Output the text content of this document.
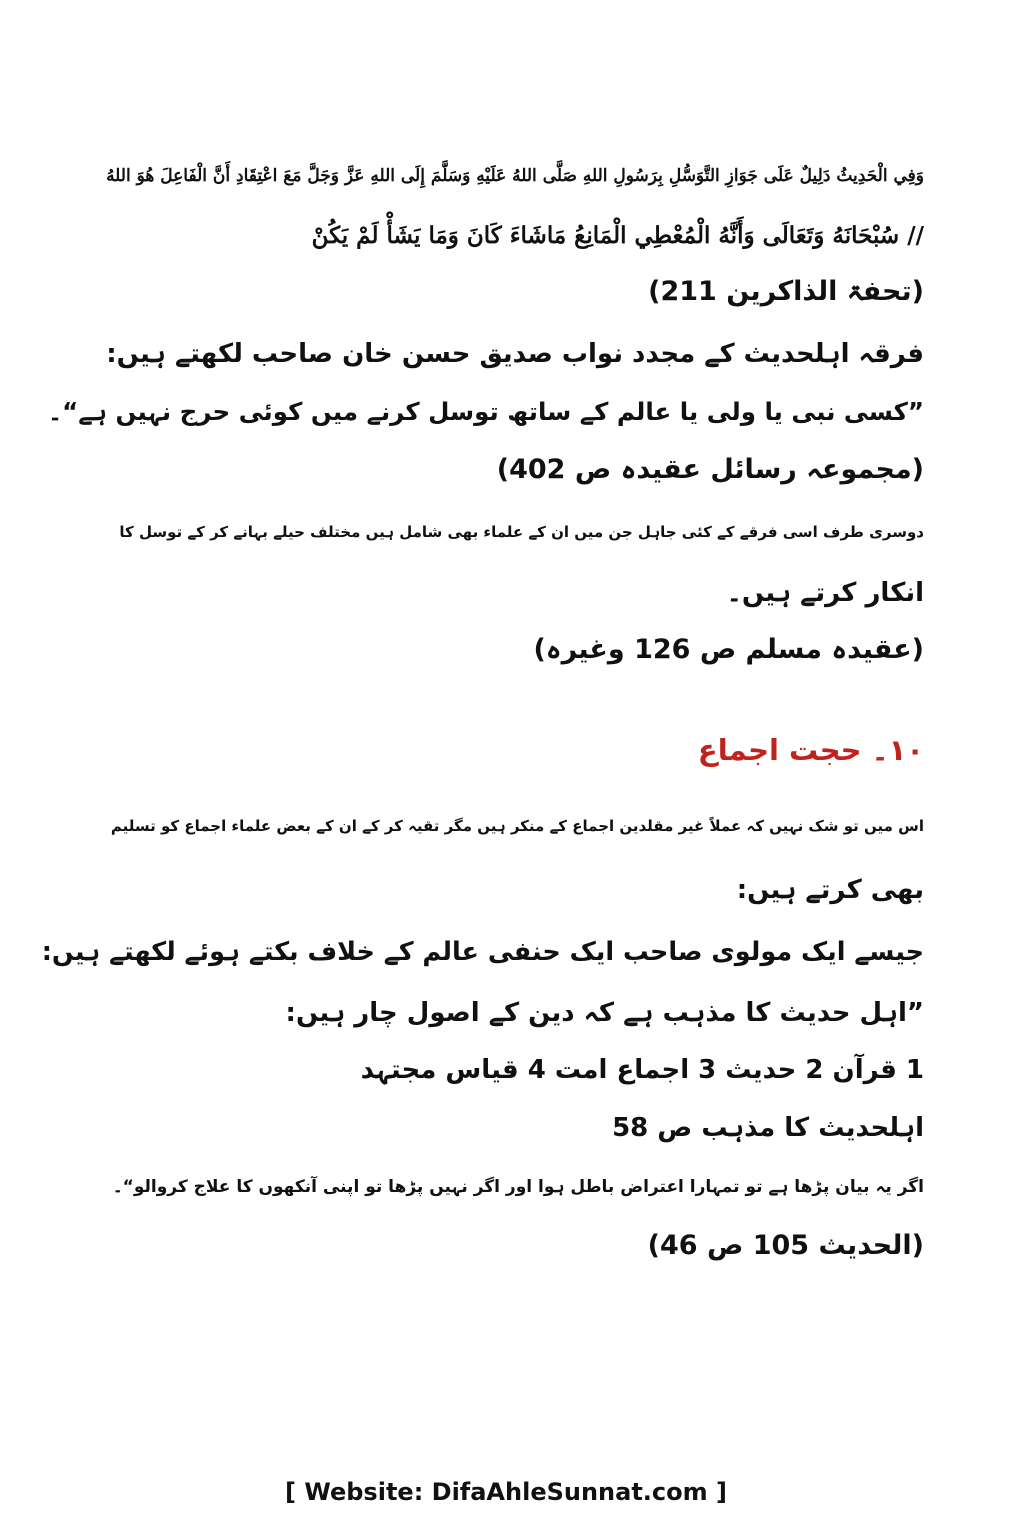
وَفِي الْحَدِيثُ دَلِيلٌ عَلَى جَوَازِ التَّوَسُّلِ بِرَسُولِ اللهِ صَلَّى اللهُ عَلَيْهِ وَسَلَّمَ إِلَى اللهِ عَزَّ وَجَلَّ مَعَ اعْتِقَادِ أَنَّ الْفَاعِلَ هُوَ اللهُ
// سُبْحَانَهُ وَتَعَالَى وَأَنَّهُ الْمُعْطِي الْمَانِعُ مَاشَاءَ كَانَ وَمَا يَشَأْ لَمْ يَكُنْ
(تحفۃ الذاکرین 211)
فرقہ اہلحدیث کے مجدد نواب صدیق حسن خان صاحب لکھتے ہیں:
”کسی نبی یا ولی یا عالم کے ساتھ توسل کرنے میں کوئی حرج نہیں ہے“۔
(مجموعہ رسائل عقیدہ ص 402)
دوسری طرف اسی فرقے کے کئی جاہل جن میں ان کے علماء بھی شامل ہیں مختلف حیلے بہانے کر کے توسل کا
انکار کرتے ہیں۔
(عقیدہ مسلم ص 126 وغیرہ)
۱۰۔ حجت اجماع
اس میں تو شک نہیں کہ عملاً غیر مقلدین اجماع کے منکر ہیں مگر تقیہ کر کے ان کے بعض علماء اجماع کو تسلیم
بھی کرتے ہیں:
جیسے ایک مولوی صاحب ایک حنفی عالم کے خلاف بکتے ہوئے لکھتے ہیں:
”اہل حدیث کا مذہب ہے کہ دین کے اصول چار ہیں:
1 قرآن 2 حدیث 3 اجماع امت 4 قیاس مجتہد
اہلحدیث کا مذہب ص 58
اگر یہ بیان پڑھا ہے تو تمہارا اعتراض باطل ہوا اور اگر نہیں پڑھا تو اپنی آنکھوں کا علاج کروالو“۔
(الحدیث 105 ص 46)
[ Website: DifaAhleSunnat.com ]
